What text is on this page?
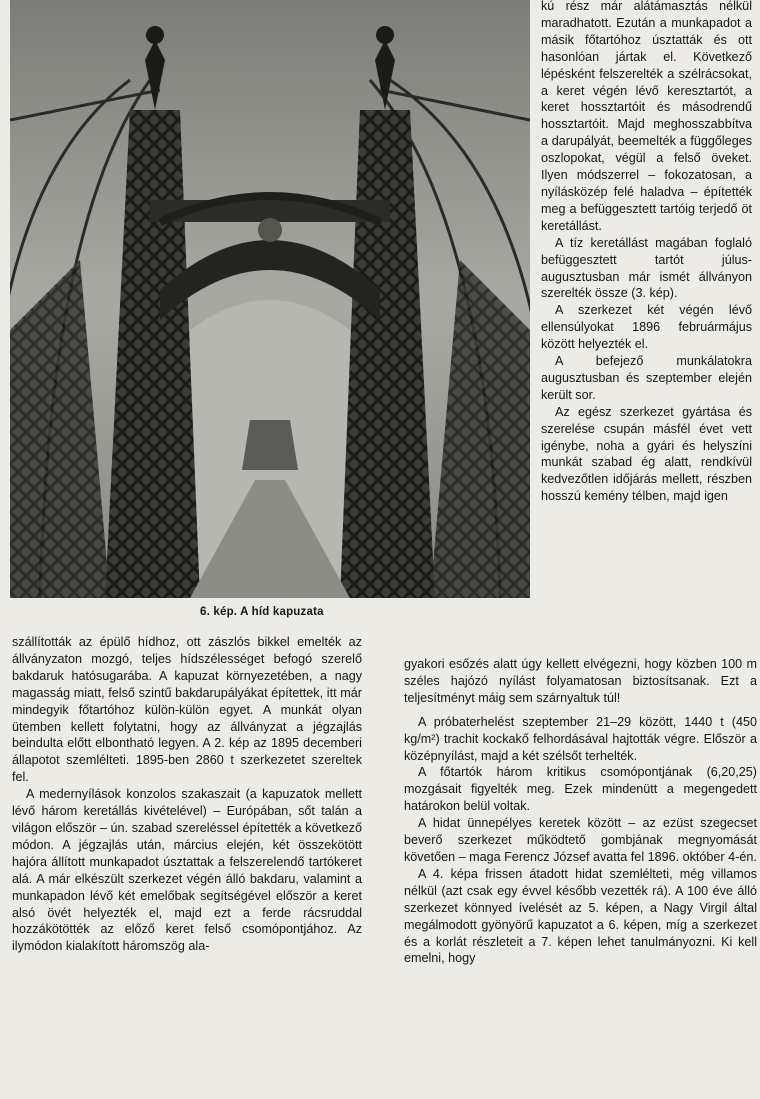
6. kép. A híd kapuzata

kú rész már alátámasztás nélkül maradhatott. Ezután a munkapadot a másik főtartóhoz úsztatták és ott hasonlóan jártak el. Következő lépésként felszerelték a szélrácsokat, a keret végén lévő keresztartót, a keret hossztartóit és másodrendű hossztartóit. Majd meghosszabbítva a darupályát, beemelték a függőleges oszlopokat, végül a felső öveket. Ilyen módszerrel – fokozatosan, a nyílásközép felé haladva – építették meg a befüggesztett tartóig terjedő öt keretállást.

A tíz keretállást magában foglaló befüggesztett tartót júlus-augusztusban már ismét állványon szerelték össze (3. kép).

A szerkezet két végén lévő ellensúlyokat 1896 februármájus között helyezték el.

A befejező munkálatokra augusztusban és szeptember elején került sor.

Az egész szerkezet gyártása és szerelése csupán másfél évet vett igénybe, noha a gyári és helyszíni munkát szabad ég alatt, rendkívül kedvezőtlen időjárás mellett, részben hosszú kemény télben, majd igen

szállították az épülő hídhoz, ott zászlós bikkel emelték az állványzaton mozgó, teljes hídszélességet befogó szerelő bakdaruk hatósugarába. A kapuzat környezetében, a nagy magasság miatt, felső szintű bakdarupályákat építettek, itt már mindegyik főtartóhoz külön-külön egyet. A munkát olyan ütemben kellett folytatni, hogy az állványzat a jégzajlás beindulta előtt elbontható legyen. A 2. kép az 1895 decemberi állapotot szemlélteti. 1895-ben 2860 t szerkezetet szereltek fel.

A medernyílások konzolos szakaszait (a kapuzatok mellett lévő három keretállás kivételével) – Európában, sőt talán a világon először – ún. szabad szereléssel építették a következő módon. A jégzajlás után, március elején, két összekötött hajóra állított munkapadot úsztattak a felszerelendő tartókeret alá. A már elkészült szerkezet végén álló bakdaru, valamint a munkapadon lévő két emelőbak segítségével először a keret alsó övét helyezték el, majd ezt a ferde rácsruddal hozzákötötték az előző keret felső csomópontjához. Az ilymódon kialakított háromszög ala-

gyakori esőzés alatt úgy kellett elvégezni, hogy közben 100 m széles hajózó nyílást folyamatosan biztosítsanak. Ezt a teljesítményt máig sem szárnyaltuk túl!

A próbaterhelést szeptember 21–29 között, 1440 t (450 kg/m²) trachit kockakő felhordásával hajtották végre. Először a középnyílást, majd a két szélsőt terhelték.

A főtartók három kritikus csomópontjának (6,20,25) mozgásait figyelték meg. Ezek mindenütt a megengedett határokon belül voltak.

A hidat ünnepélyes keretek között – az ezüst szegecset beverő szerkezet működtető gombjának megnyomását követően – maga Ferencz József avatta fel 1896. október 4-én.

A 4. képa frissen átadott hidat szemlélteti, még villamos nélkül (azt csak egy évvel később vezették rá). A 100 éve álló szerkezet könnyed ívelését az 5. képen, a Nagy Virgil által megálmodott gyönyörű kapuzatot a 6. képen, míg a szerkezet és a korlát részleteit a 7. képen lehet tanulmányozni. Ki kell emelni, hogy
